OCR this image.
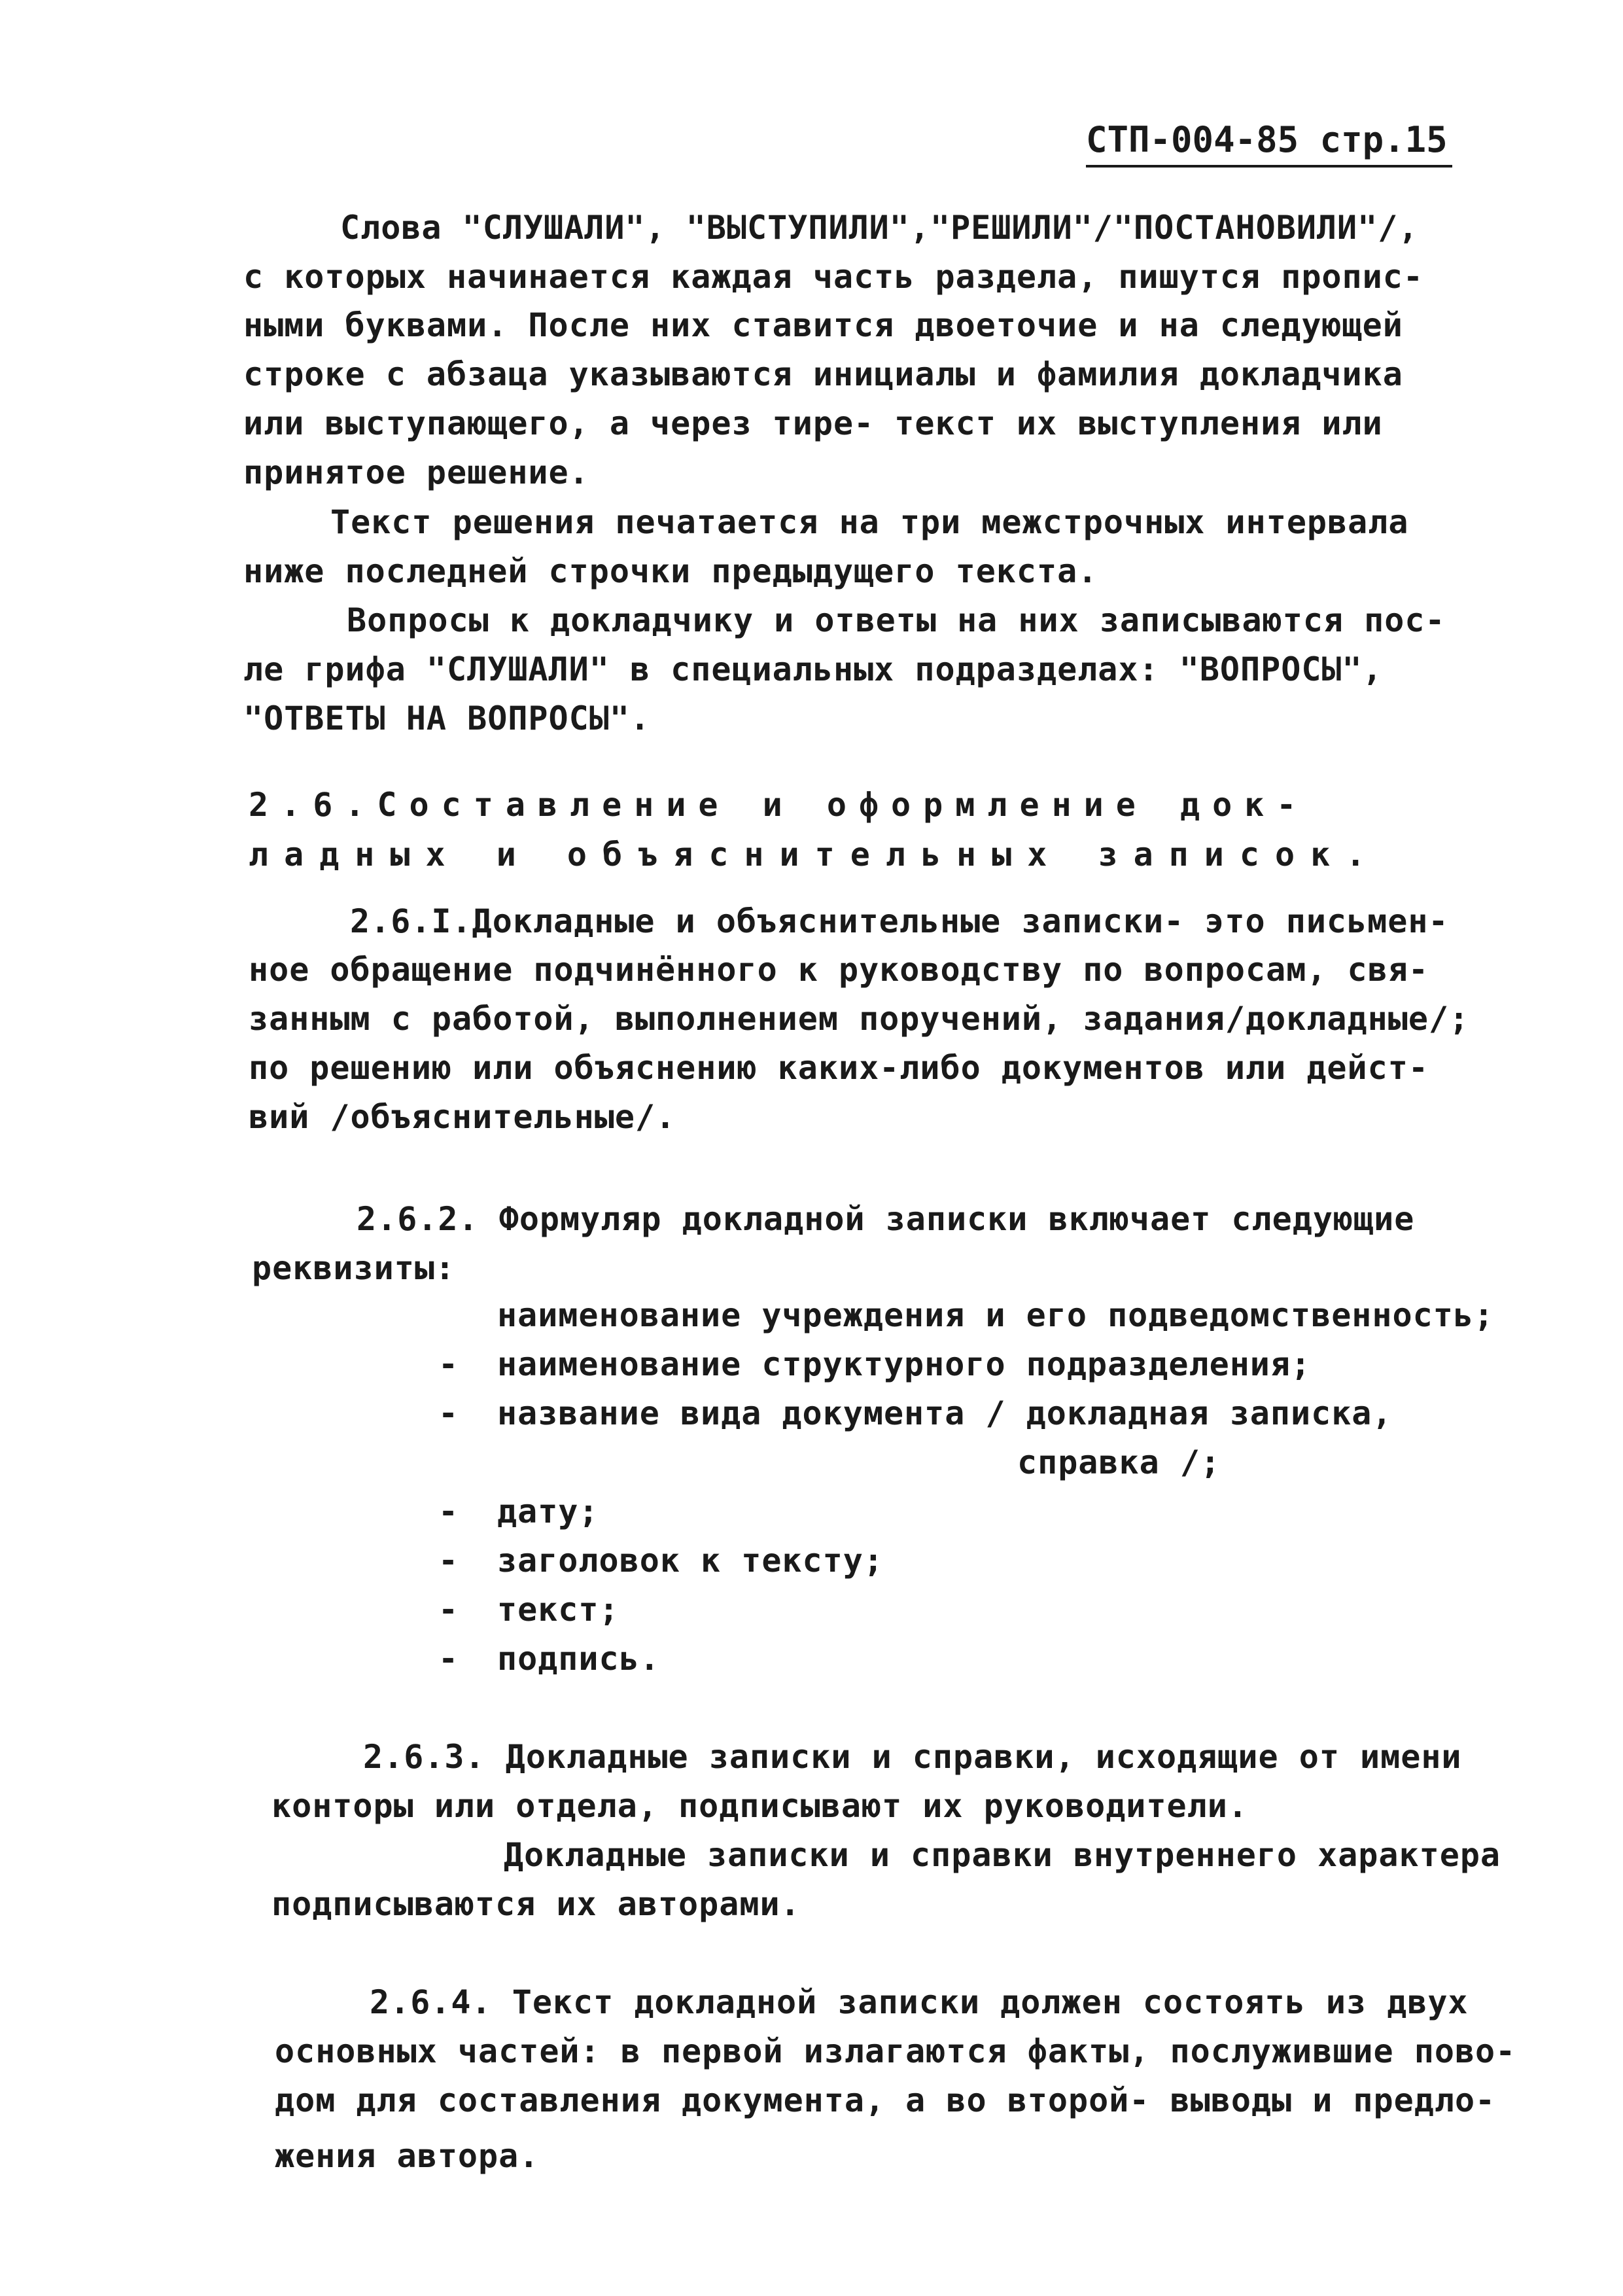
СТП-004-85 стр.15
Слова "СЛУШАЛИ", "ВЫСТУПИЛИ","РЕШИЛИ"/"ПОСТАНОВИЛИ"/,
с которых начинается каждая часть раздела, пишутся пропис-
ными буквами. После них ставится двоеточие и на следующей
строке с абзаца указываются инициалы и фамилия докладчика
или выступающего, а через тире- текст их выступления или
принятое решение.
Текст решения печатается на три межстрочных интервала
ниже последней строчки предыдущего текста.
Вопросы к докладчику и ответы на них записываются пос-
ле грифа "СЛУШАЛИ" в специальных подразделах: "ВОПРОСЫ",
"ОТВЕТЫ НА ВОПРОСЫ".
2.6.Составление и оформление док-
ладных и объяснительных записок.
2.6.I.Докладные и объяснительные записки- это письмен-
ное обращение подчинённого к руководству по вопросам, свя-
занным с работой, выполнением поручений, задания/докладные/;
по решению или объяснению каких-либо документов или дейст-
вий /объяснительные/.
2.6.2. Формуляр докладной записки включает следующие
реквизиты:
наименование учреждения и его подведомственность;
- наименование структурного подразделения;
- название вида документа / докладная записка,
справка /;
- дату;
- заголовок к тексту;
- текст;
- подпись.
2.6.3. Докладные записки и справки, исходящие от имени
конторы или отдела, подписывают их руководители.
Докладные записки и справки внутреннего характера
подписываются их авторами.
2.6.4. Текст докладной записки должен состоять из двух
основных частей: в первой излагаются факты, послужившие пово-
дом для составления документа, а во второй- выводы и предло-
жения автора.
